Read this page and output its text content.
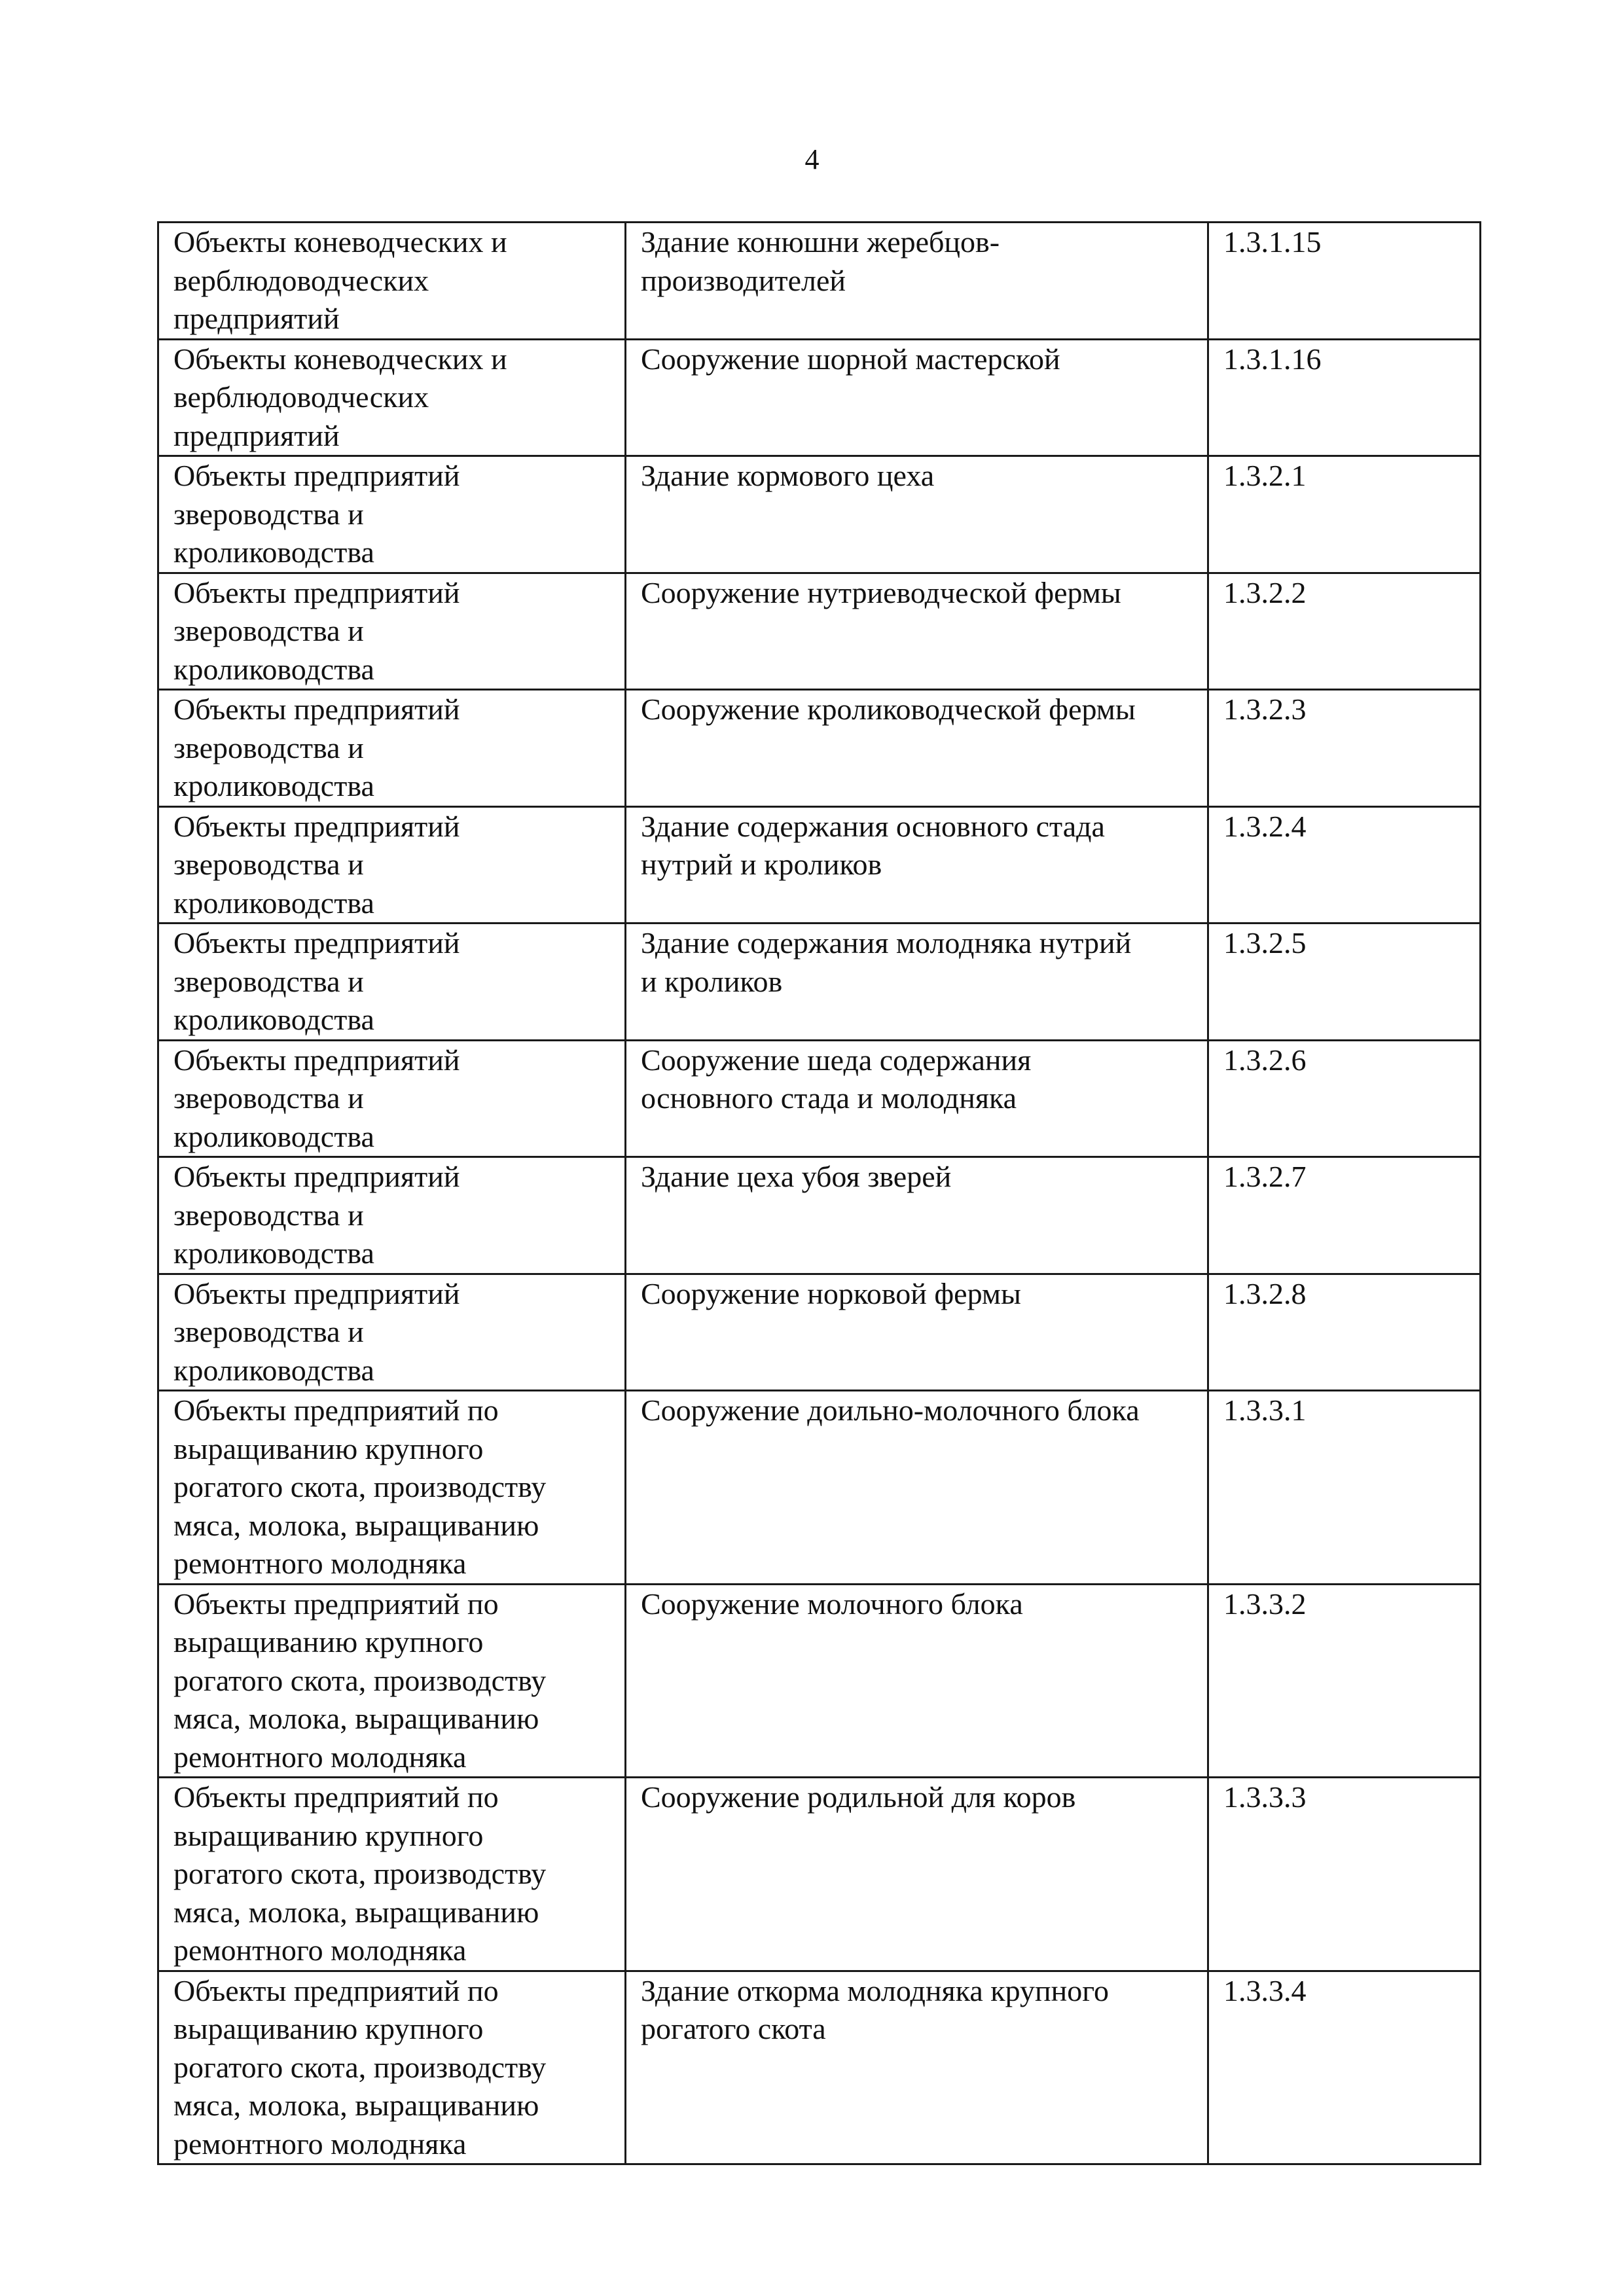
4
Объекты коневодческих и
верблюдоводческих
предприятий	Здание конюшни жеребцов-
производителей	1.3.1.15
Объекты коневодческих и
верблюдоводческих
предприятий	Сооружение шорной мастерской	1.3.1.16
Объекты предприятий
звероводства и
кролиководства	Здание кормового цеха	1.3.2.1
Объекты предприятий
звероводства и
кролиководства	Сооружение нутриеводческой фермы	1.3.2.2
Объекты предприятий
звероводства и
кролиководства	Сооружение кролиководческой фермы	1.3.2.3
Объекты предприятий
звероводства и
кролиководства	Здание содержания основного стада
нутрий и кроликов	1.3.2.4
Объекты предприятий
звероводства и
кролиководства	Здание содержания молодняка нутрий
и кроликов	1.3.2.5
Объекты предприятий
звероводства и
кролиководства	Сооружение шеда содержания
основного стада и молодняка	1.3.2.6
Объекты предприятий
звероводства и
кролиководства	Здание цеха убоя зверей	1.3.2.7
Объекты предприятий
звероводства и
кролиководства	Сооружение норковой фермы	1.3.2.8
Объекты предприятий по
выращиванию крупного
рогатого скота, производству
мяса, молока, выращиванию
ремонтного молодняка	Сооружение доильно-молочного блока	1.3.3.1
Объекты предприятий по
выращиванию крупного
рогатого скота, производству
мяса, молока, выращиванию
ремонтного молодняка	Сооружение молочного блока	1.3.3.2
Объекты предприятий по
выращиванию крупного
рогатого скота, производству
мяса, молока, выращиванию
ремонтного молодняка	Сооружение родильной для коров	1.3.3.3
Объекты предприятий по
выращиванию крупного
рогатого скота, производству
мяса, молока, выращиванию
ремонтного молодняка	Здание откорма молодняка крупного
рогатого скота	1.3.3.4
